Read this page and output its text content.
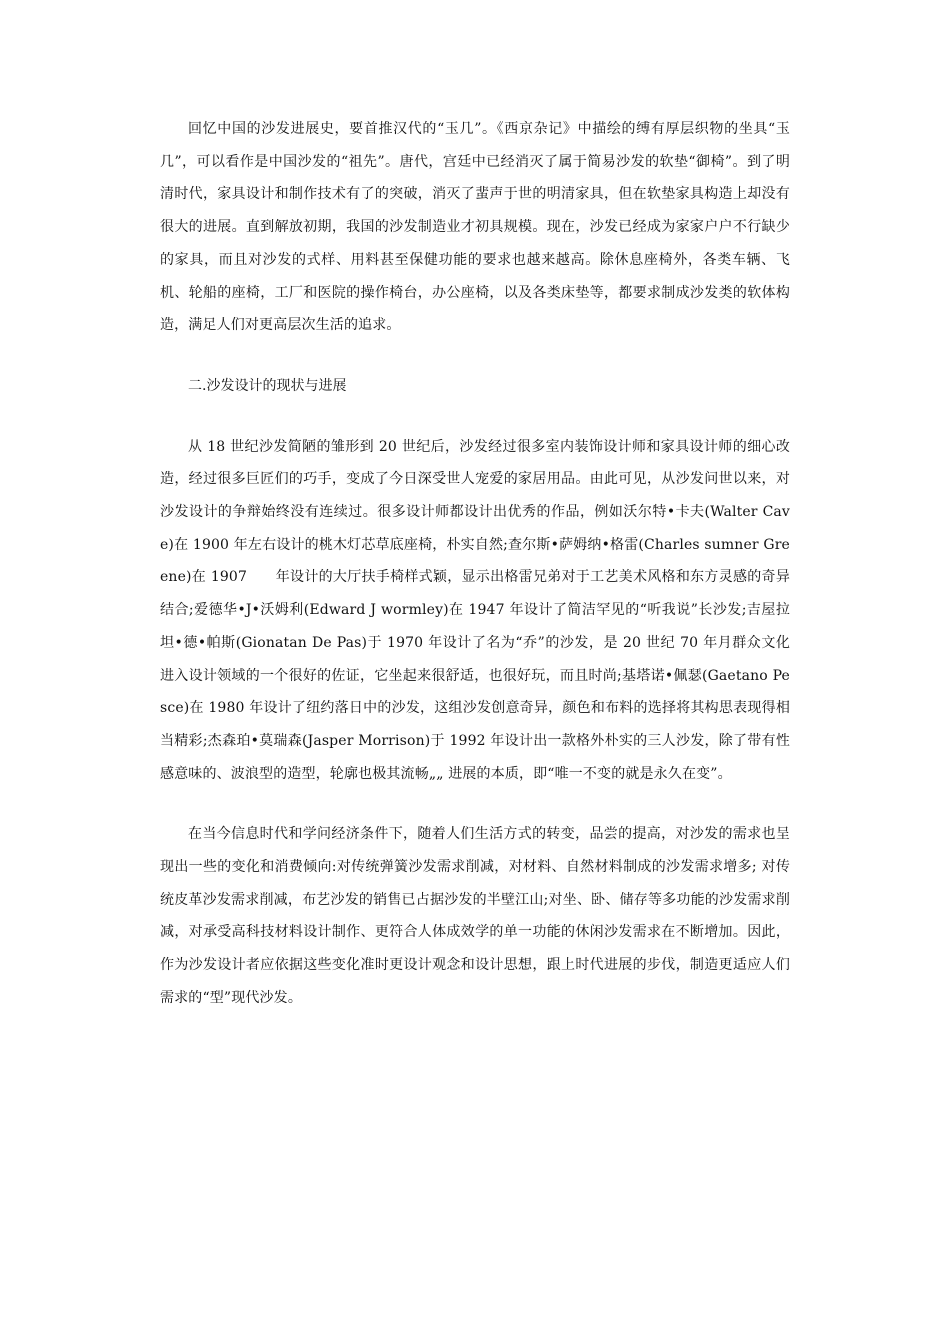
回忆中国的沙发进展史，要首推汉代的“玉几”。《西京杂记》中描绘的缚有厚层织物的坐具“玉几”，可以看作是中国沙发的“祖先”。唐代，宫廷中已经消灭了属于简易沙发的软垫“御椅”。到了明清时代，家具设计和制作技术有了的突破，消灭了蜚声于世的明清家具，但在软垫家具构造上却没有很大的进展。直到解放初期，我国的沙发制造业才初具规模。现在，沙发已经成为家家户户不行缺少的家具，而且对沙发的式样、用料甚至保健功能的要求也越来越高。除休息座椅外，各类车辆、飞机、轮船的座椅，工厂和医院的操作椅台，办公座椅，以及各类床垫等，都要求制成沙发类的软体构造，满足人们对更高层次生活的追求。

二.沙发设计的现状与进展

从 18 世纪沙发简陋的雏形到 20 世纪后，沙发经过很多室内装饰设计师和家具设计师的细心改造，经过很多巨匠们的巧手，变成了今日深受世人宠爱的家居用品。由此可见，从沙发问世以来，对沙发设计的争辩始终没有连续过。很多设计师都设计出优秀的作品，例如沃尔特•卡夫(Walter Cave)在 1900 年左右设计的桃木灯芯草底座椅，朴实自然;查尔斯•萨姆纳•格雷(Charles sumner Greene)在 1907　　年设计的大厅扶手椅样式颖，显示出格雷兄弟对于工艺美术风格和东方灵感的奇异结合;爱德华•J•沃姆利(Edward J wormley)在 1947 年设计了简洁罕见的“听我说”长沙发;吉屋拉坦•德•帕斯(Gionatan De Pas)于 1970 年设计了名为“乔”的沙发，是 20 世纪 70 年月群众文化进入设计领域的一个很好的佐证，它坐起来很舒适，也很好玩，而且时尚;基塔诺•佩瑟(Gaetano Pesce)在 1980 年设计了纽约落日中的沙发，这组沙发创意奇异，颜色和布料的选择将其构思表现得相当精彩;杰森珀•莫瑞森(Jasper Morrison)于 1992 年设计出一款格外朴实的三人沙发，除了带有性感意味的、波浪型的造型，轮廓也极其流畅„„ 进展的本质，即“唯一不变的就是永久在变”。

在当今信息时代和学问经济条件下，随着人们生活方式的转变，品尝的提高，对沙发的需求也呈现出一些的变化和消费倾向:对传统弹簧沙发需求削减，对材料、自然材料制成的沙发需求增多; 对传统皮革沙发需求削减，布艺沙发的销售已占据沙发的半壁江山;对坐、卧、储存等多功能的沙发需求削减，对承受高科技材料设计制作、更符合人体成效学的单一功能的休闲沙发需求在不断增加。因此，作为沙发设计者应依据这些变化准时更设计观念和设计思想，跟上时代进展的步伐，制造更适应人们需求的“型”现代沙发。
